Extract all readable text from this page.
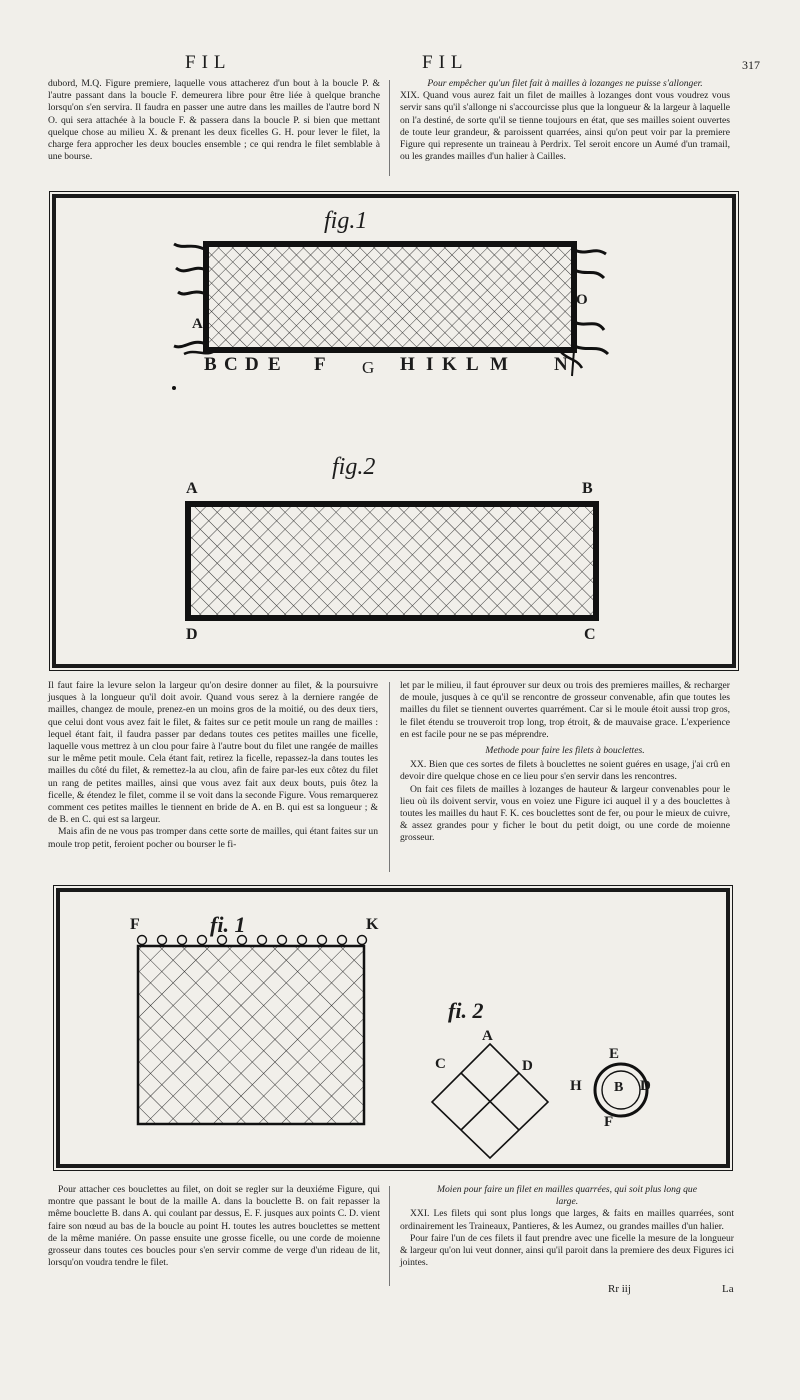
FIL	FIL	317

dubord, M.Q. Figure premiere, laquelle vous attacherez d'un bout à la boucle P. & l'autre passant dans la boucle F. demeurera libre pour être liée à quelque branche lorsqu'on s'en servira. Il faudra en passer une autre dans les mailles de l'autre bord N O. qui sera attachée à la boucle F. & passera dans la boucle P. si bien que mettant quelque chose au milieu X. & prenant les deux ficelles G. H. pour lever le filet, la charge fera approcher les deux boucles ensemble ; ce qui rendra le filet semblable à une bourse.

Pour empêcher qu'un filet fait à mailles à lozanges ne puisse s'allonger.

XIX. Quand vous aurez fait un filet de mailles à lozanges dont vous voudrez vous servir sans qu'il s'allonge ni s'accourcisse plus que la longueur & la largeur à laquelle on l'a destiné, de sorte qu'il se tienne toujours en état, que ses mailles soient ouvertes de toute leur grandeur, & paroissent quarrées, ainsi qu'on peut voir par la premiere Figure qui represente un traineau à Perdrix. Tel seroit encore un Aumé d'un tramail, ou les grandes mailles d'un halier à Cailles.

fig.1
A
O
B C D E F G H I K L M N
fig.2
A	B
D	C

Il faut faire la levure selon la largeur qu'on desire donner au filet, & la poursuivre jusques à la longueur qu'il doit avoir. Quand vous serez à la derniere rangée de mailles, changez de moule, prenez-en un moins gros de la moitié, ou des deux tiers, que celui dont vous avez fait le filet, & faites sur ce petit moule un rang de mailles : lequel étant fait, il faudra passer par dedans toutes ces petites mailles une ficelle, laquelle vous mettrez à un clou pour faire à l'autre bout du filet une rangée de mailles sur le même petit moule. Cela étant fait, retirez la ficelle, repassez-la dans toutes les mailles du côté du filet, & remettez-la au clou, afin de faire par-les eux côtez du filet un rang de petites mailles, ainsi que vous avez fait aux deux bouts, puis ôtez la ficelle, & étendez le filet, comme il se voit dans la seconde Figure. Vous remarquerez comment ces petites mailles le tiennent en bride de A. en B. qui est sa longueur ; & de B. en C. qui est sa largeur.

Mais afin de ne vous pas tromper dans cette sorte de mailles, qui étant faites sur un moule trop petit, feroient pocher ou bourser le fi-

let par le milieu, il faut éprouver sur deux ou trois des premieres mailles, & recharger de moule, jusques à ce qu'il se rencontre de grosseur convenable, afin que toutes les mailles du filet se tiennent ouvertes quarrément. Car si le moule étoit aussi trop gros, le filet étendu se trouveroit trop long, trop étroit, & de mauvaise grace. L'experience en est facile pour ne se pas méprendre.

Methode pour faire les filets à bouclettes.

XX. Bien que ces sortes de filets à bouclettes ne soient guéres en usage, j'ai crû en devoir dire quelque chose en ce lieu pour s'en servir dans les rencontres.

On fait ces filets de mailles à lozanges de hauteur & largeur convenables pour le lieu où ils doivent servir, vous en voiez une Figure ici auquel il y a des bouclettes à toutes les mailles du haut F. K. ces bouclettes sont de fer, ou pour le mieux de cuivre, & assez grandes pour y ficher le bout du petit doigt, ou une corde de moienne grosseur.

F	K
fi. 1
fi. 2
A
C	D
E
H B D
F

Pour attacher ces bouclettes au filet, on doit se regler sur la deuxiéme Figure, qui montre que passant le bout de la maille A. dans la bouclette B. on fait repasser la même bouclette B. dans A. qui coulant par dessus, E. F. jusques aux points C. D. vient faire son nœud au bas de la boucle au point H. toutes les autres bouclettes se mettent de la même maniére. On passe ensuite une grosse ficelle, ou une corde de moienne grosseur dans toutes ces boucles pour s'en servir comme de verge d'un rideau de lit, lorsqu'on voudra tendre le filet.

Moien pour faire un filet en mailles quarrées, qui soit plus long que large.

XXI. Les filets qui sont plus longs que larges, & faits en mailles quarrées, sont ordinairement les Traineaux, Pantieres, & les Aumez, ou grandes mailles d'un halier.

Pour faire l'un de ces filets il faut prendre avec une ficelle la mesure de la longueur & largeur qu'on lui veut donner, ainsi qu'il paroit dans la premiere des deux Figures ici jointes.

Rr iij	La
